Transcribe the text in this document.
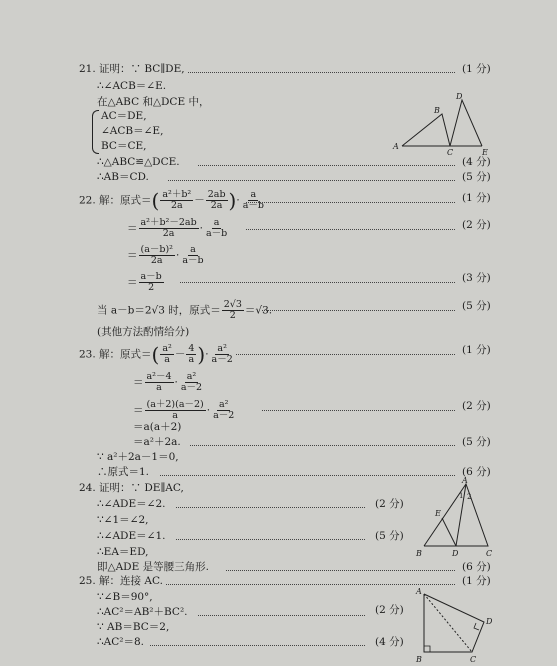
21. 证明：∵ BC∥DE,	(1 分)
∴∠ACB＝∠E.
在△ABC 和△DCE 中，
AC＝DE,
∠ACB＝∠E,
BC＝CE,
∴△ABC≌△DCE.	(4 分)
∴AB＝CD.	(5 分)
A
B
C
D
E
22. 解：原式＝( $\frac{\text{a²＋b²}}{2a} - \frac{2ab}{2a}$ )· $\frac{a}{a-b}$	(1 分)
＝ $\frac{\text{a²＋b²－2ab}}{2a} \cdot \frac{a}{a-b}$	(2 分)
＝ $\frac{\text{(a－b)²}}{2a} \cdot \frac{a}{a-b}$
＝ $\frac{a-b}{2}$	(3 分)
当 a－b＝2√3 时，原式＝ $\frac{2√3}{2} =√3$.	(5 分)
(其他方法酌情给分)
23. 解：原式＝( $\frac{\text{a²}}{a} - \frac{4}{a}$ )· $\frac{\text{a²}}{a-2}$	(1 分)
＝ $\frac{\text{a²－4}}{a} \cdot \frac{\text{a²}}{a-2}$
＝ $\frac{(a+2)(a-2)}{a} \cdot \frac{\text{a²}}{a-2}$	(2 分)
＝a(a＋2)
＝a²＋2a.	(5 分)
∵ a²＋2a－1＝0,
∴原式＝1.	(6 分)
24. 证明：∵ DE∥AC,
∴∠ADE＝∠2.	(2 分)
∵∠1＝∠2,
∴∠ADE＝∠1.	(5 分)
∴EA＝ED,
即△ADE 是等腰三角形.	(6 分)
A
B	C
D
E
1 2
25. 解：连接 AC.	(1 分)
∵∠B＝90°,
∴AC²＝AB²＋BC².	(2 分)
∵ AB＝BC＝2,
∴AC²＝8.	(4 分)
A
B	C
D
